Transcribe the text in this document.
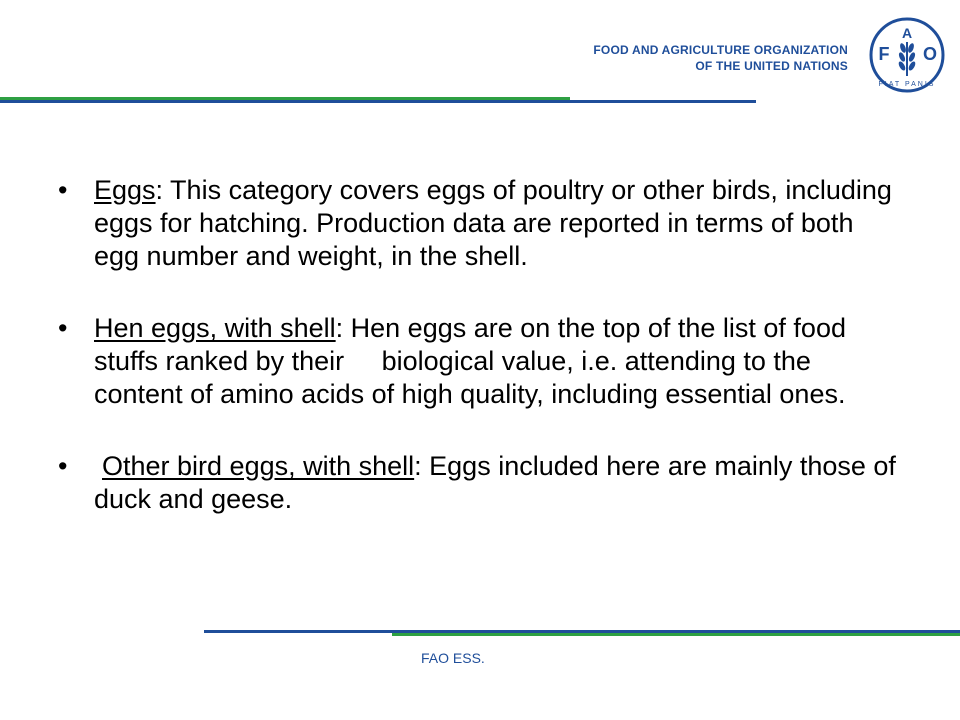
FOOD AND AGRICULTURE ORGANIZATION
OF THE UNITED NATIONS
F
A
O
FIAT PANIS
• Eggs: This category covers eggs of poultry or other birds, including eggs for hatching. Production data are reported in terms of both egg number and weight, in the shell.
• Hen eggs, with shell: Hen eggs are on the top of the list of food stuffs ranked by their     biological value, i.e. attending to the content of amino acids of high quality, including essential ones.
• Other bird eggs, with shell: Eggs included here are mainly those of duck and geese.
FAO ESS.
